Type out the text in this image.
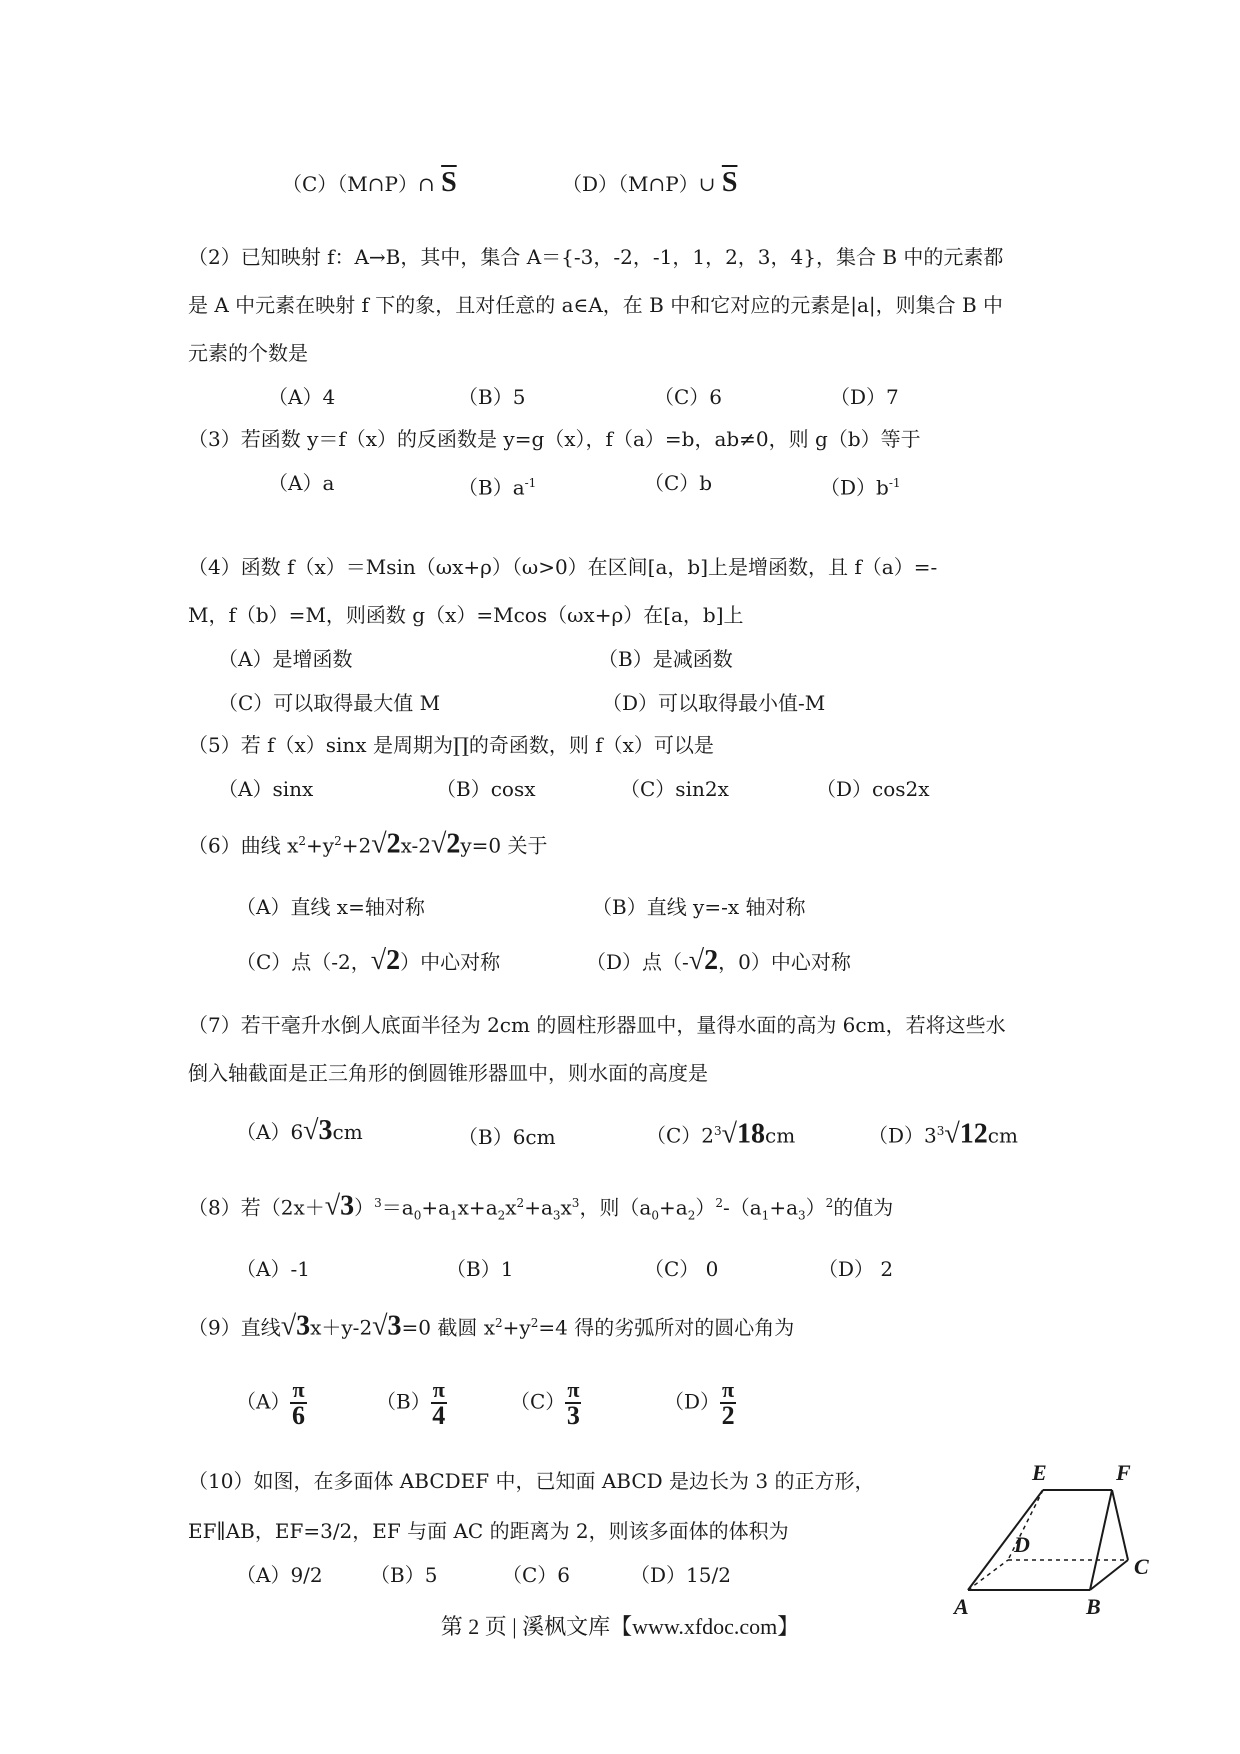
（C）（M∩P）∩ $\overline{S}$	（D）（M∩P）∪ $\overline{S}$
（2）已知映射 f：A→B，其中，集合 A＝{-3，-2，-1，1，2，3，4}，集合 B 中的元素都
是 A 中元素在映射 f 下的象，且对任意的 a∈A，在 B 中和它对应的元素是|a|，则集合 B 中
元素的个数是
（A）4	（B）5	（C）6	（D）7
（3）若函数 y＝f（x）的反函数是 y=g（x），f（a）=b，ab≠0，则 g（b）等于
（A）a	$(B)a^{-1}$	（C）b	$(D)b^{-1}$
（4）函数 f（x）＝Msin（ωx+ρ）（ω>0）在区间[a，b]上是增函数，且 f（a）=-
M，f（b）=M，则函数 g（x）=Mcos（ωx+ρ）在[a，b]上
（A）是增函数	（B）是减函数
（C）可以取得最大值 M	（D）可以取得最小值-M
（5）若 f（x）sinx 是周期为∏的奇函数，则 f（x）可以是
（A）sinx	（B）cosx	（C）sin2x	（D）cos2x
（6）曲线 $x^2+y^2+2√2x-2√2y=0$ 关于
（A）直线 x=轴对称	（B）直线 y=-x 轴对称
（C）点（-2，√2）中心对称	（D）点（-√2，0）中心对称
（7）若干毫升水倒人底面半径为 2cm 的圆柱形器皿中，量得水面的高为 6cm，若将这些水
倒入轴截面是正三角形的倒圆锥形器皿中，则水面的高度是
（A）6√3cm	（B）6cm	$(C)2^3√18cm$	$(D)3^3√12cm$
（8）若$(2x+√3)^3=a_0+a_1x+a_2x^2+a_3x^3$，则$(a_0+a_2)^2-(a_1+a_3)^2$的值为
（A）-1	（B）1	（C） 0	（D） 2
（9）直线√3x＋y-2√3=0 截圆 $x^2+y^2=4$ 得的劣弧所对的圆心角为
$(A) \frac{\pi}{6}$	$(B) \frac{\pi}{4}$	$(C) \frac{\pi}{3}$	$(D) \frac{\pi}{2}$
（10）如图，在多面体 ABCDEF 中，已知面 ABCD 是边长为 3 的正方形，
EF∥AB，EF=3/2，EF 与面 AC 的距离为 2，则该多面体的体积为
（A）9/2 （B）5	（C）6	（D）15/2
E	F
D
C
A	B
第 2 页 | 溪枫文库【www.xfdoc.com】
